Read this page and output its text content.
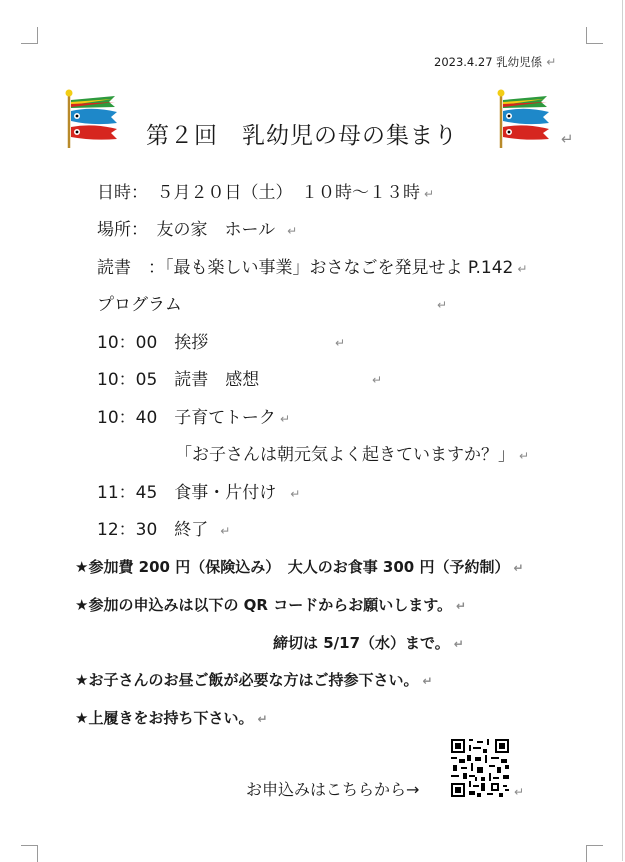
2023.4.27 乳幼児係 ↵
第２回　乳幼児の母の集まり	↵
日時：　５月２０日（土）　１０時～１３時 ↵
場所：　友の家　ホール ↵
読書　：「最も楽しい事業」おさなごを発見せよ P.142 ↵
プログラム	↵
10：00　挨拶	↵
10：05　読書　感想	↵
10：40　子育てトーク ↵
「お子さんは朝元気よく起きていますか？」 ↵
11：45　食事・片付け ↵
12：30　終了 ↵
★参加費 200 円（保険込み）　大人のお食事 300 円（予約制） ↵
★参加の申込みは以下の QR コードからお願いします。 ↵
締切は 5/17（水）まで。 ↵
★お子さんのお昼ご飯が必要な方はご持参下さい。 ↵
★上履きをお持ち下さい。 ↵
お申込みはこちらから→	↵
